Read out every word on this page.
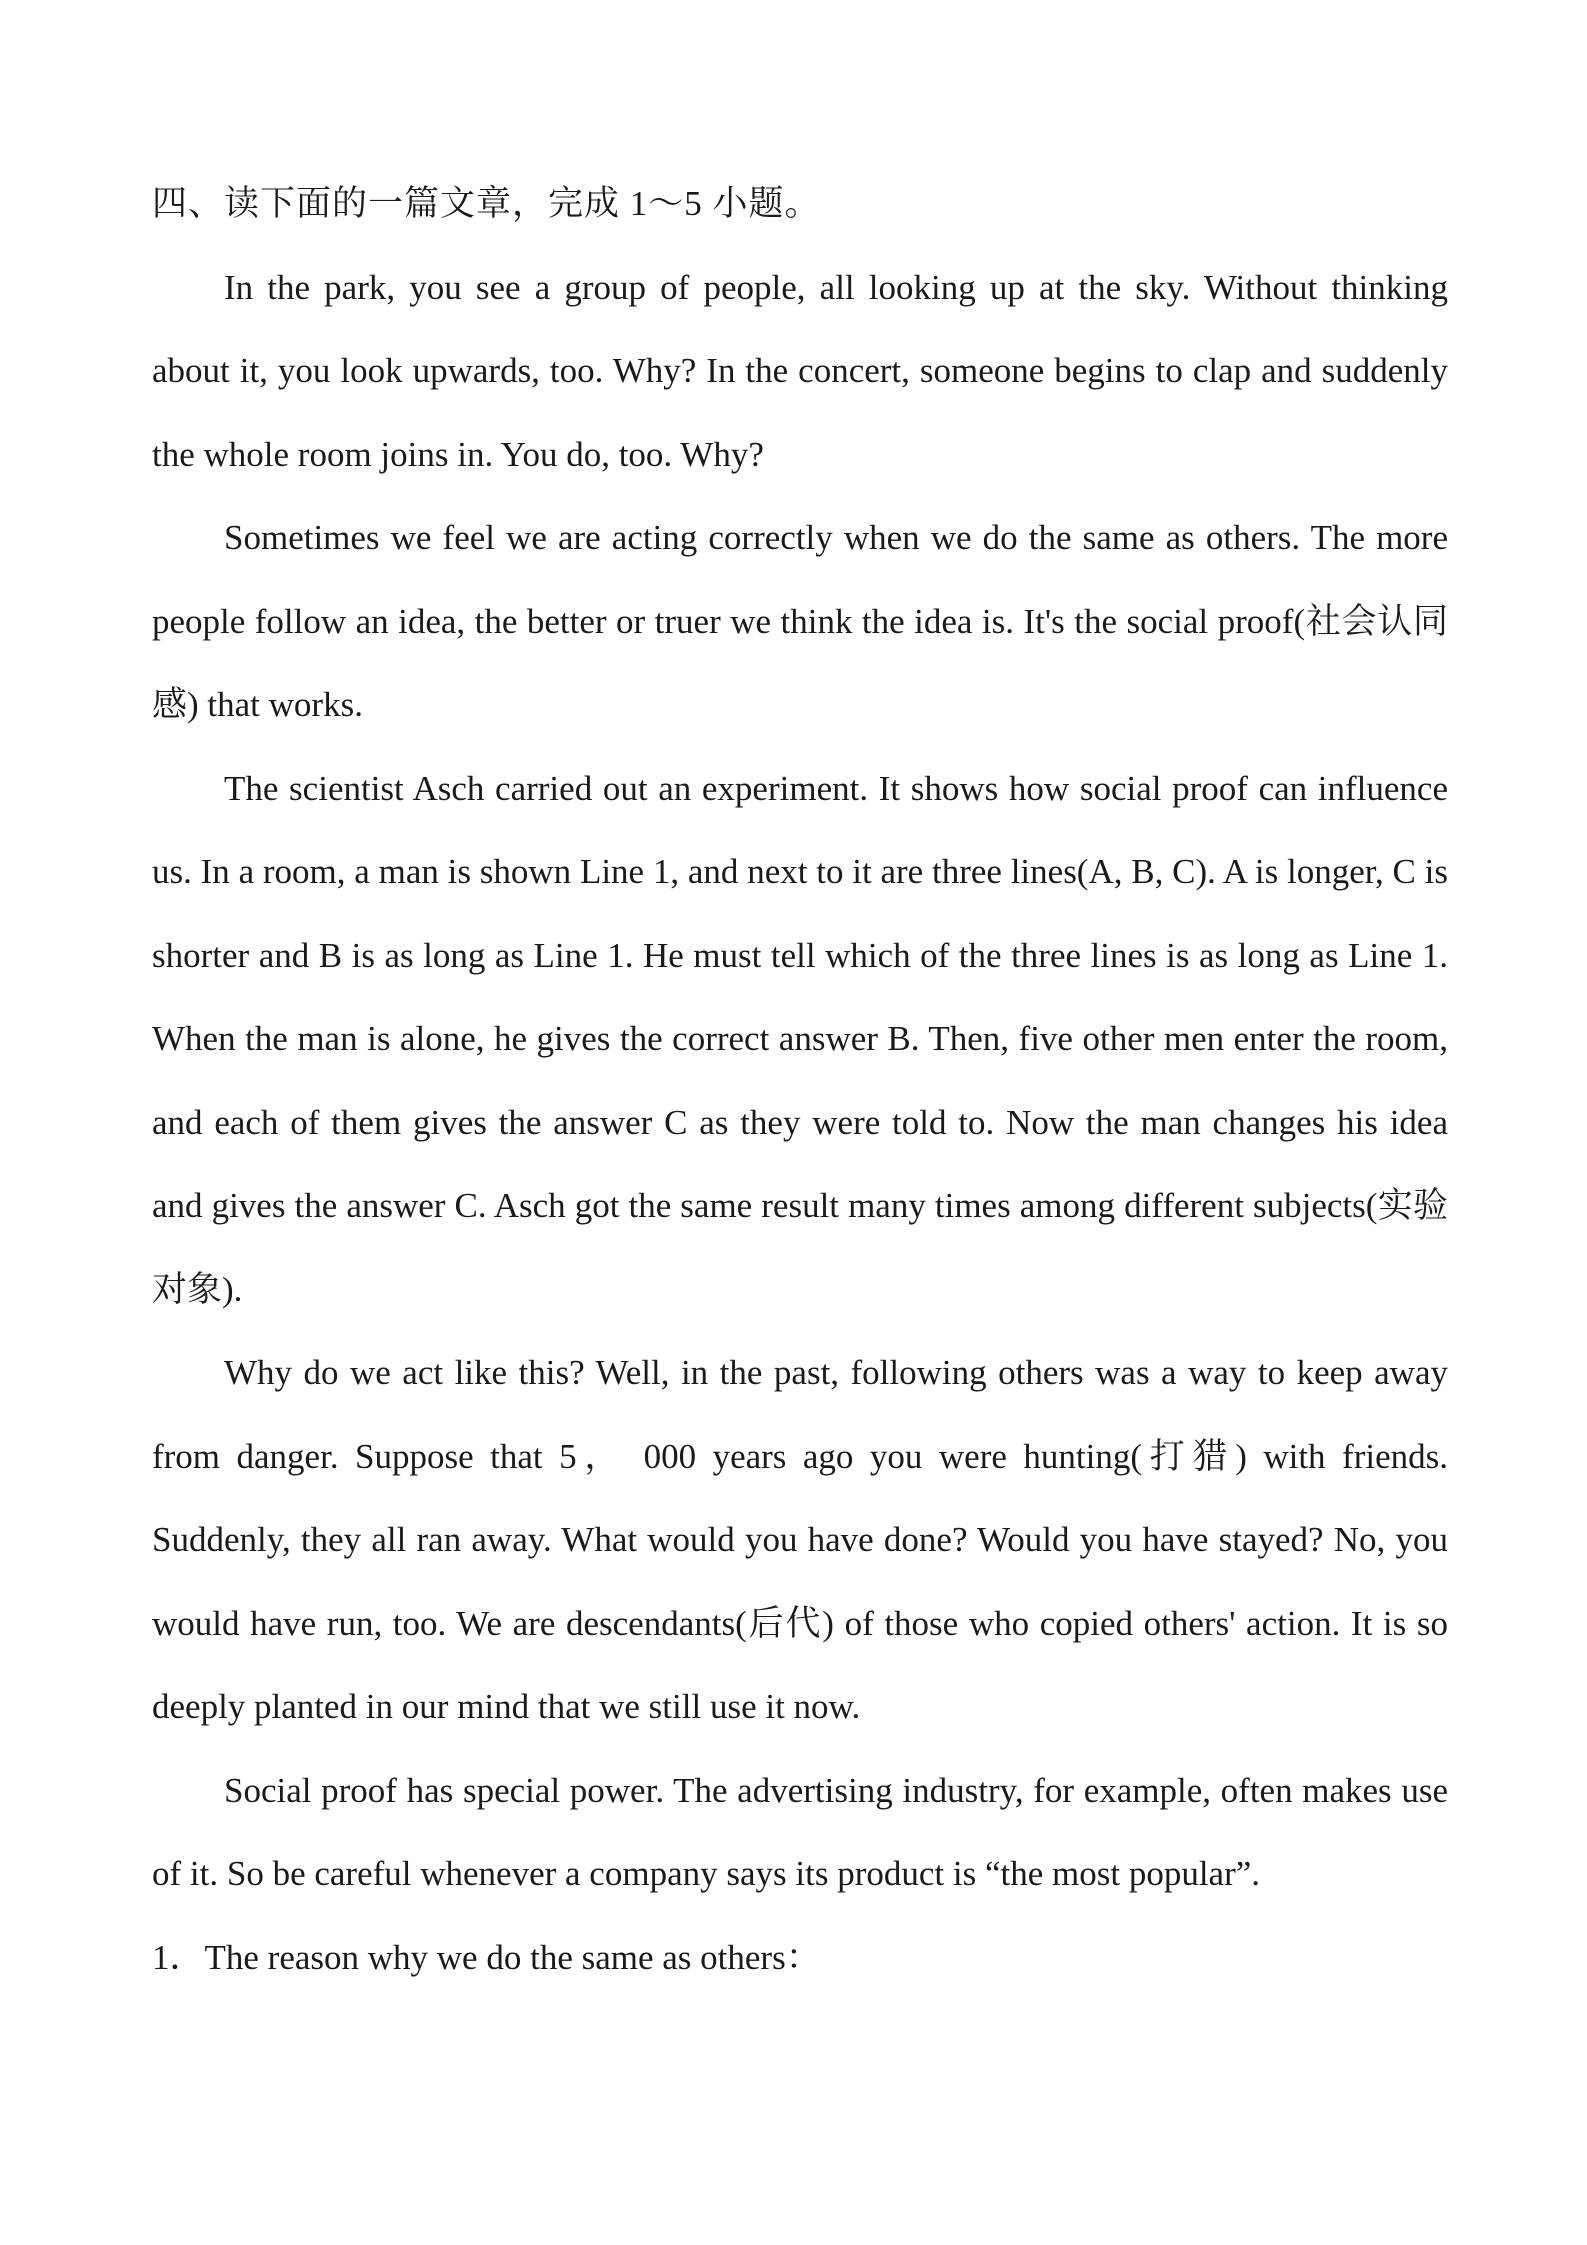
四、读下面的一篇文章，完成 1～5 小题。

In the park, you see a group of people, all looking up at the sky. Without thinking about it, you look upwards, too. Why? In the concert, someone begins to clap and suddenly the whole room joins in. You do, too. Why?

Sometimes we feel we are acting correctly when we do the same as others. The more people follow an idea, the better or truer we think the idea is. It's the social proof(社会认同感) that works.

The scientist Asch carried out an experiment. It shows how social proof can influence us. In a room, a man is shown Line 1, and next to it are three lines(A, B, C). A is longer, C is shorter and B is as long as Line 1. He must tell which of the three lines is as long as Line 1. When the man is alone, he gives the correct answer B. Then, five other men enter the room, and each of them gives the answer C as they were told to. Now the man changes his idea and gives the answer C. Asch got the same result many times among different subjects(实验对象).

Why do we act like this? Well, in the past, following others was a way to keep away from danger. Suppose that 5， 000 years ago you were hunting(打猎) with friends. Suddenly, they all ran away. What would you have done? Would you have stayed? No, you would have run, too. We are descendants(后代) of those who copied others' action. It is so deeply planted in our mind that we still use it now.

Social proof has special power. The advertising industry, for example, often makes use of it. So be careful whenever a company says its product is “the most popular”.

1．The reason why we do the same as others：
